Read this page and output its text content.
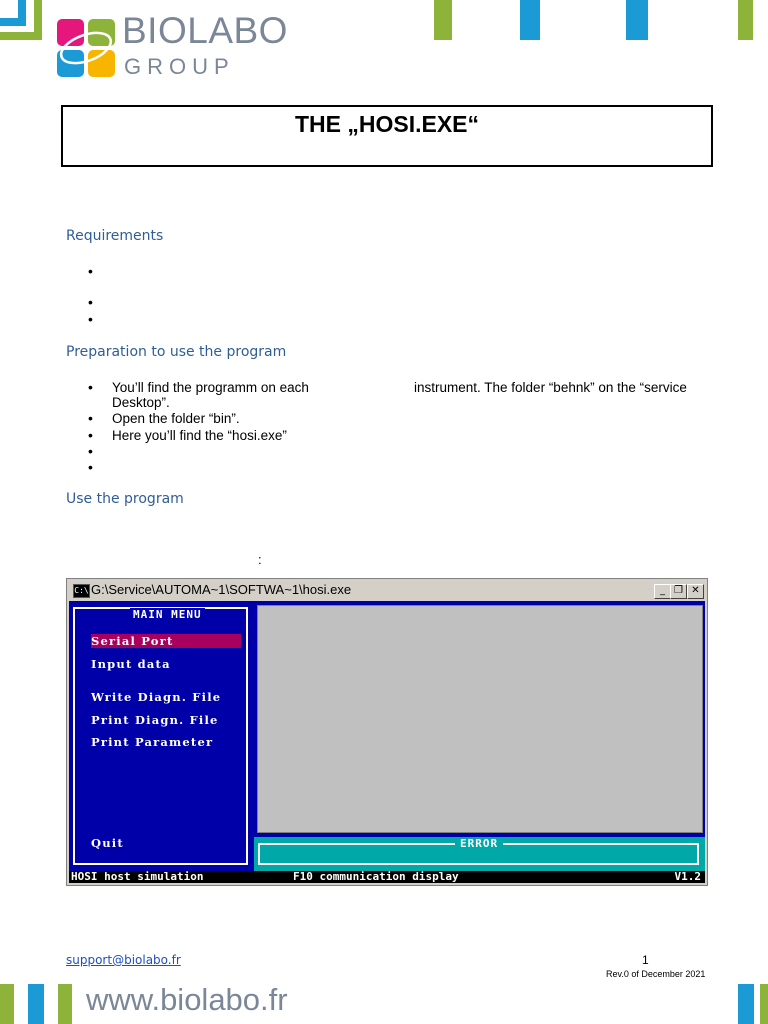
BIOLABO
GROUP
THE „HOSI.EXE“
Requirements
•
•
•
Preparation to use the program
• You’ll find the programm on each	instrument. The folder “behnk” on the “service
Desktop”.
• Open the folder “bin”.
• Here you’ll find the “hosi.exe”
•
•
Use the program
:
C:\ G:\Service\AUTOMA~1\SOFTWA~1\hosi.exe	_ ❐ ✕
MAIN MENU
Serial Port
Input data
Write Diagn. File
Print Diagn. File
Print Parameter
Quit	ERROR
HOSI host simulation	F10 communication display	V1.2
support@biolabo.fr	1
Rev.0 of December 2021
www.biolabo.fr
